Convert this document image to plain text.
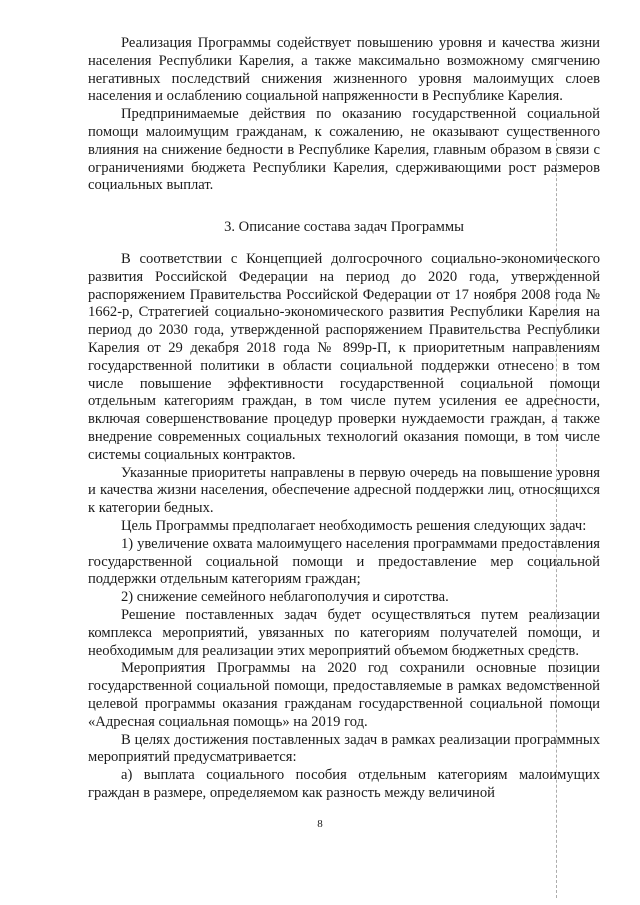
Реализация Программы содействует повышению уровня и качества жизни населения Республики Карелия, а также максимально возможному смягчению негативных последствий снижения жизненного уровня малоимущих слоев населения и ослаблению социальной напряженности в Республике Карелия.

Предпринимаемые действия по оказанию государственной социальной помощи малоимущим гражданам, к сожалению, не оказывают существенного влияния на снижение бедности в Республике Карелия, главным образом в связи с ограничениями бюджета Республики Карелия, сдерживающими рост размеров социальных выплат.

3. Описание состава задач Программы

В соответствии с Концепцией долгосрочного социально-экономического развития Российской Федерации на период до 2020 года, утвержденной распоряжением Правительства Российской Федерации от 17 ноября 2008 года № 1662-р, Стратегией социально-экономического развития Республики Карелия на период до 2030 года, утвержденной распоряжением Правительства Республики Карелия от 29 декабря 2018 года № 899р-П, к приоритетным направлениям государственной политики в области социальной поддержки отнесено в том числе повышение эффективности государственной социальной помощи отдельным категориям граждан, в том числе путем усиления ее адресности, включая совершенствование процедур проверки нуждаемости граждан, а также внедрение современных социальных технологий оказания помощи, в том числе системы социальных контрактов.

Указанные приоритеты направлены в первую очередь на повышение уровня и качества жизни населения, обеспечение адресной поддержки лиц, относящихся к категории бедных.

Цель Программы предполагает необходимость решения следующих задач:

1) увеличение охвата малоимущего населения программами предоставления государственной социальной помощи и предоставление мер социальной поддержки отдельным категориям граждан;

2) снижение семейного неблагополучия и сиротства.

Решение поставленных задач будет осуществляться путем реализации комплекса мероприятий, увязанных по категориям получателей помощи, и необходимым для реализации этих мероприятий объемом бюджетных средств.

Мероприятия Программы на 2020 год сохранили основные позиции государственной социальной помощи, предоставляемые в рамках ведомственной целевой программы оказания гражданам государственной социальной помощи «Адресная социальная помощь» на 2019 год.

В целях достижения поставленных задач в рамках реализации программных мероприятий предусматривается:

а) выплата социального пособия отдельным категориям малоимущих граждан в размере, определяемом как разность между величиной

8
